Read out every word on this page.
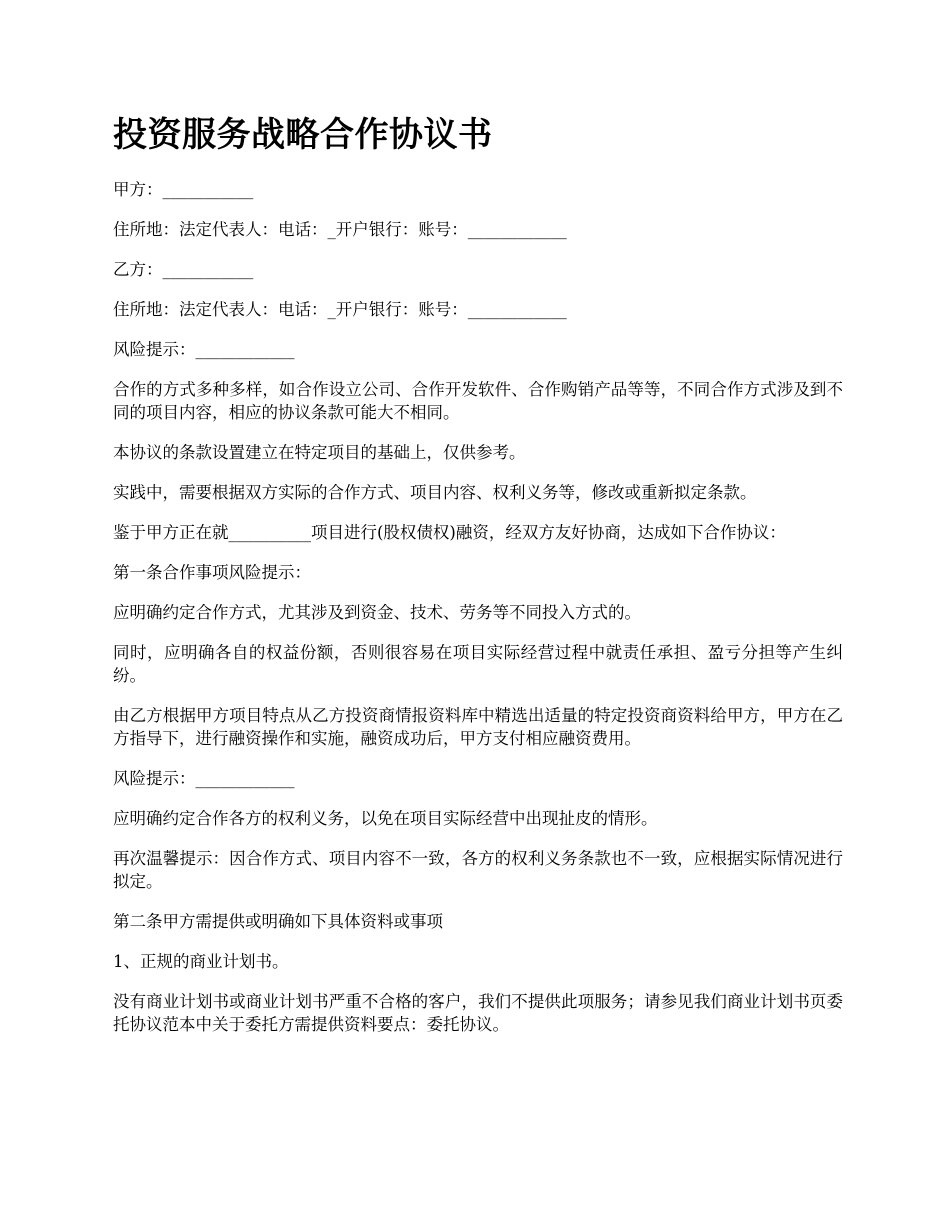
投资服务战略合作协议书

甲方：___________

住所地：法定代表人：电话：_开户银行：账号：____________

乙方：___________

住所地：法定代表人：电话：_开户银行：账号：____________

风险提示：____________

合作的方式多种多样，如合作设立公司、合作开发软件、合作购销产品等等，不同合作方式涉及到不同的项目内容，相应的协议条款可能大不相同。

本协议的条款设置建立在特定项目的基础上，仅供参考。

实践中，需要根据双方实际的合作方式、项目内容、权利义务等，修改或重新拟定条款。

鉴于甲方正在就__________项目进行(股权债权)融资，经双方友好协商，达成如下合作协议：

第一条合作事项风险提示：

应明确约定合作方式，尤其涉及到资金、技术、劳务等不同投入方式的。

同时，应明确各自的权益份额，否则很容易在项目实际经营过程中就责任承担、盈亏分担等产生纠纷。

由乙方根据甲方项目特点从乙方投资商情报资料库中精选出适量的特定投资商资料给甲方，甲方在乙方指导下，进行融资操作和实施，融资成功后，甲方支付相应融资费用。

风险提示：____________

应明确约定合作各方的权利义务，以免在项目实际经营中出现扯皮的情形。

再次温馨提示：因合作方式、项目内容不一致，各方的权利义务条款也不一致，应根据实际情况进行拟定。

第二条甲方需提供或明确如下具体资料或事项

1、正规的商业计划书。

没有商业计划书或商业计划书严重不合格的客户，我们不提供此项服务；请参见我们商业计划书页委托协议范本中关于委托方需提供资料要点：委托协议。
